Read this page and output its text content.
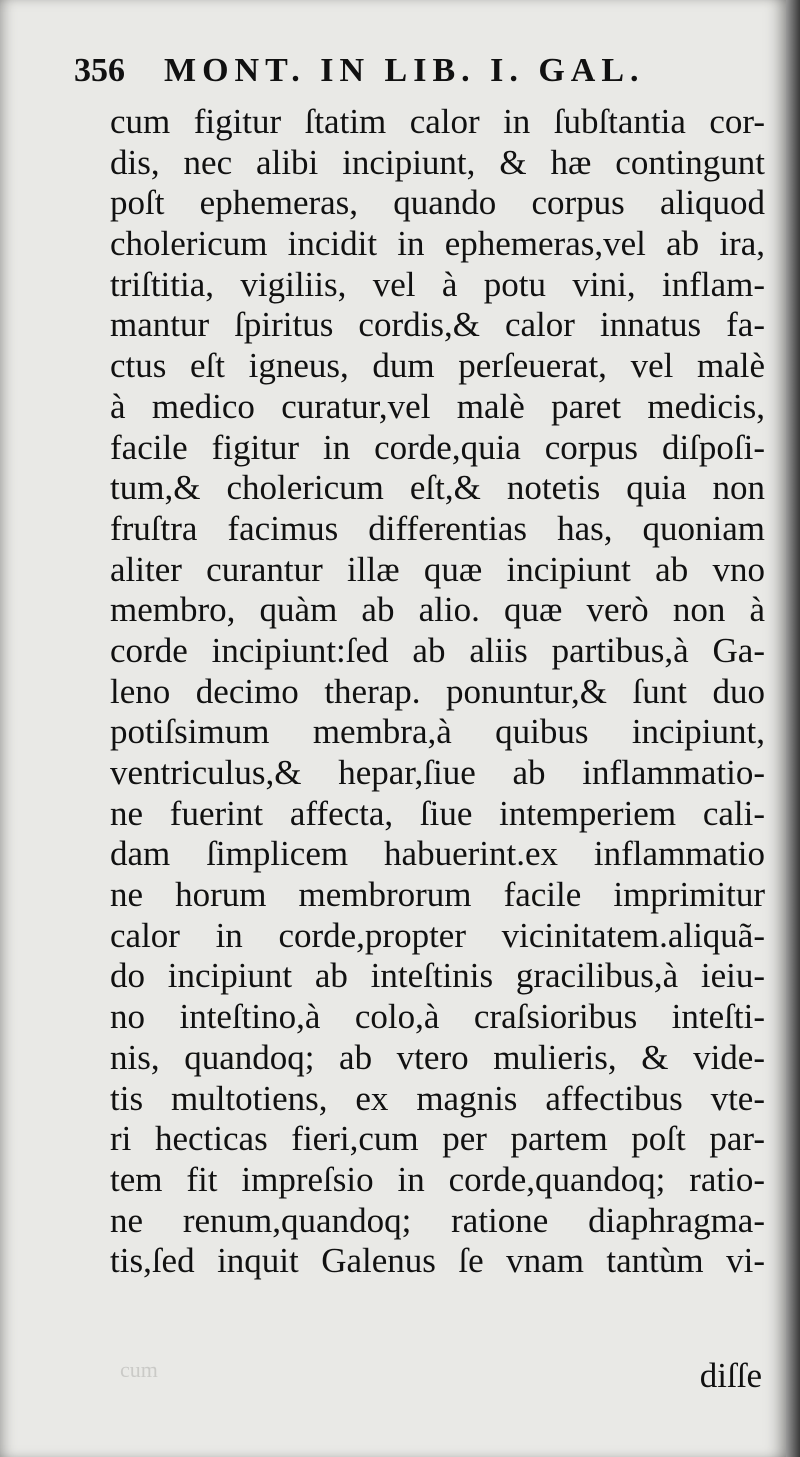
356 MONT. IN LIB. I. GAL.
cum figitur ſtatim calor in ſubſtantia cor-
dis, nec alibi incipiunt, & hæ contingunt
poſt ephemeras, quando corpus aliquod
cholericum incidit in ephemeras,vel ab ira,
triſtitia, vigiliis, vel à potu vini, inflam-
mantur ſpiritus cordis,& calor innatus fa-
ctus eſt igneus, dum perſeuerat, vel malè
à medico curatur,vel malè paret medicis,
facile figitur in corde,quia corpus diſpoſi-
tum,& cholericum eſt,& notetis quia non
fruſtra facimus differentias has, quoniam
aliter curantur illæ quæ incipiunt ab vno
membro, quàm ab alio. quæ verò non à
corde incipiunt:ſed ab aliis partibus,à Ga-
leno decimo therap. ponuntur,& ſunt duo
potiſsimum membra,à quibus incipiunt,
ventriculus,& hepar,ſiue ab inflammatio-
ne fuerint affecta, ſiue intemperiem cali-
dam ſimplicem habuerint.ex inflammatio
ne horum membrorum facile imprimitur
calor in corde,propter vicinitatem.aliquã-
do incipiunt ab inteſtinis gracilibus,à ieiu-
no inteſtino,à colo,à craſsioribus inteſti-
nis, quandoq; ab vtero mulieris, & vide-
tis multotiens, ex magnis affectibus vte-
ri hecticas fieri,cum per partem poſt par-
tem fit impreſsio in corde,quandoq; ratio-
ne renum,quandoq; ratione diaphragma-
tis,ſed inquit Galenus ſe vnam tantùm vi-
cum	diſſe
